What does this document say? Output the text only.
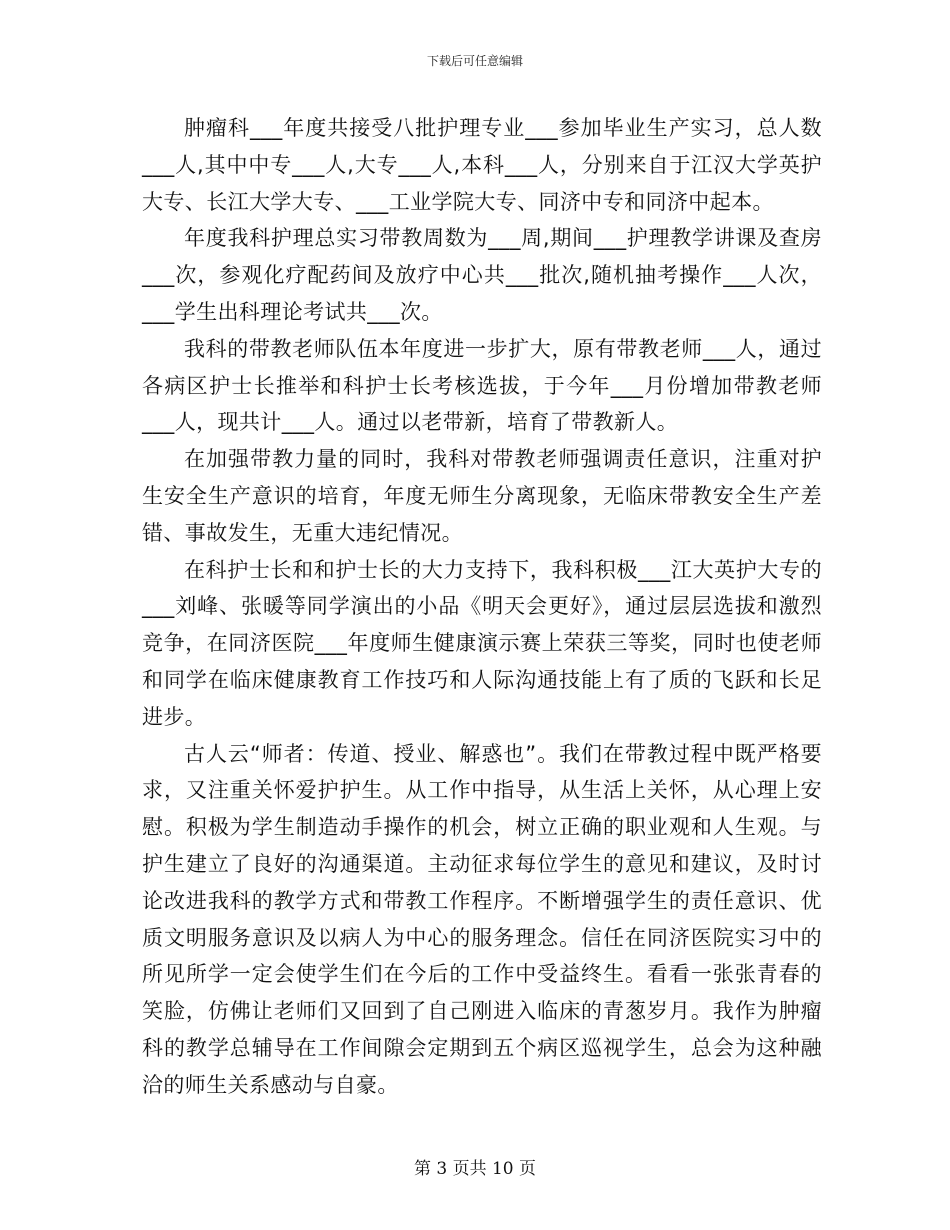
下载后可任意编辑

肿瘤科___年度共接受八批护理专业___参加毕业生产实习，总人数___人,其中中专___人,大专___人,本科___人，分别来自于江汉大学英护大专、长江大学大专、___工业学院大专、同济中专和同济中起本。

年度我科护理总实习带教周数为___周,期间___护理教学讲课及查房___次，参观化疗配药间及放疗中心共___批次,随机抽考操作___人次，___学生出科理论考试共___次。

我科的带教老师队伍本年度进一步扩大，原有带教老师___人，通过各病区护士长推举和科护士长考核选拔，于今年___月份增加带教老师___人，现共计___人。通过以老带新，培育了带教新人。

在加强带教力量的同时，我科对带教老师强调责任意识，注重对护生安全生产意识的培育，年度无师生分离现象，无临床带教安全生产差错、事故发生，无重大违纪情况。

在科护士长和和护士长的大力支持下，我科积极___江大英护大专的___刘峰、张暖等同学演出的小品《明天会更好》，通过层层选拔和激烈竞争，在同济医院___年度师生健康演示赛上荣获三等奖，同时也使老师和同学在临床健康教育工作技巧和人际沟通技能上有了质的飞跃和长足进步。

古人云“师者：传道、授业、解惑也”。我们在带教过程中既严格要求，又注重关怀爱护护生。从工作中指导，从生活上关怀，从心理上安慰。积极为学生制造动手操作的机会，树立正确的职业观和人生观。与护生建立了良好的沟通渠道。主动征求每位学生的意见和建议，及时讨论改进我科的教学方式和带教工作程序。不断增强学生的责任意识、优质文明服务意识及以病人为中心的服务理念。信任在同济医院实习中的所见所学一定会使学生们在今后的工作中受益终生。看看一张张青春的笑脸，仿佛让老师们又回到了自己刚进入临床的青葱岁月。我作为肿瘤科的教学总辅导在工作间隙会定期到五个病区巡视学生，总会为这种融洽的师生关系感动与自豪。

第 3 页共 10 页
